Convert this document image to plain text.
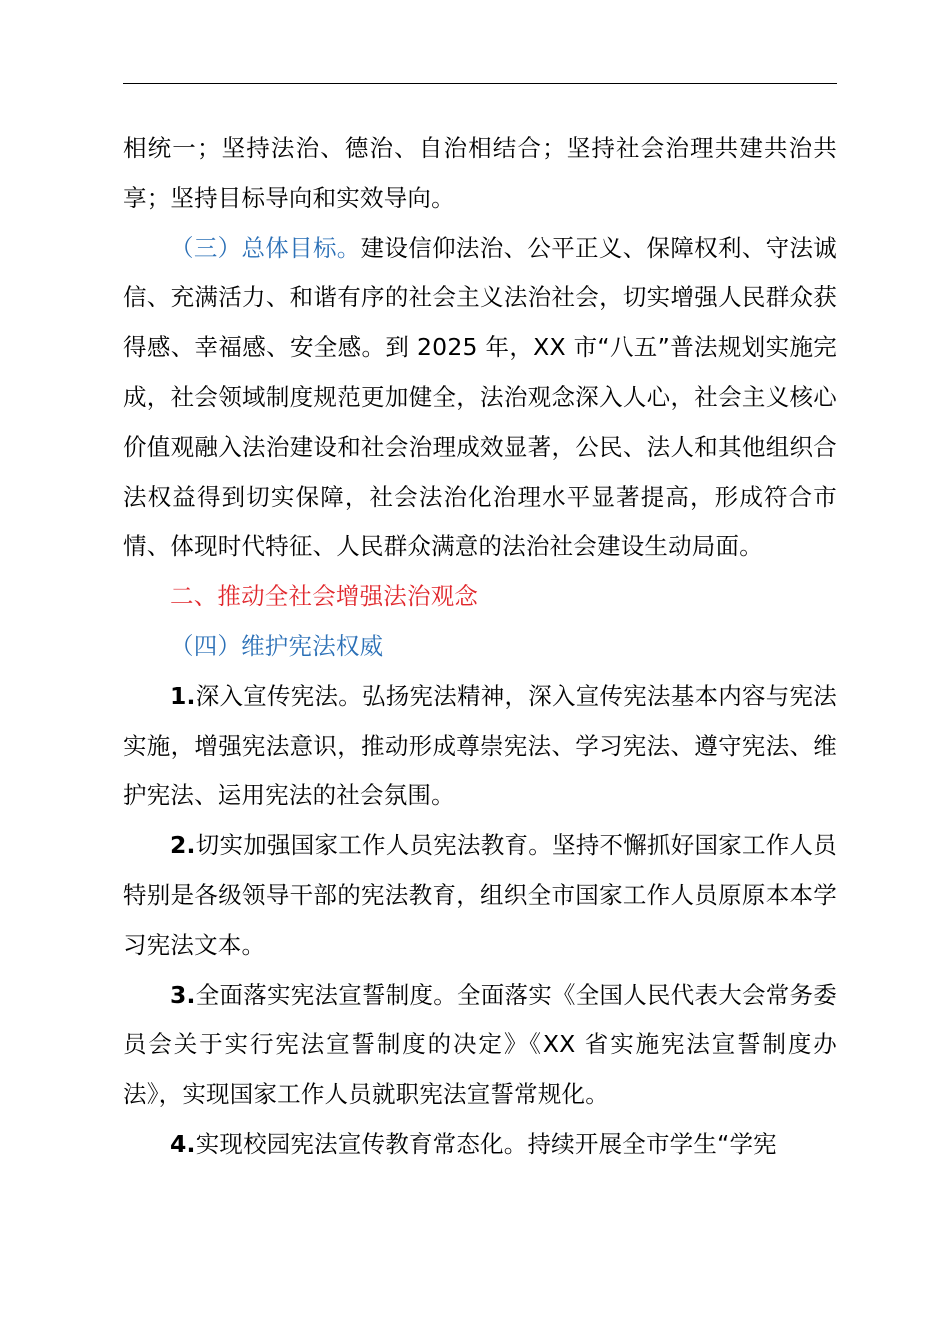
相统一；坚持法治、德治、自治相结合；坚持社会治理共建共治共享；坚持目标导向和实效导向。

（三）总体目标。建设信仰法治、公平正义、保障权利、守法诚信、充满活力、和谐有序的社会主义法治社会，切实增强人民群众获得感、幸福感、安全感。到 2025 年，XX 市“八五”普法规划实施完成，社会领域制度规范更加健全，法治观念深入人心，社会主义核心价值观融入法治建设和社会治理成效显著，公民、法人和其他组织合法权益得到切实保障，社会法治化治理水平显著提高，形成符合市情、体现时代特征、人民群众满意的法治社会建设生动局面。

二、推动全社会增强法治观念

（四）维护宪法权威

1.深入宣传宪法。弘扬宪法精神，深入宣传宪法基本内容与宪法实施，增强宪法意识，推动形成尊崇宪法、学习宪法、遵守宪法、维护宪法、运用宪法的社会氛围。

2.切实加强国家工作人员宪法教育。坚持不懈抓好国家工作人员特别是各级领导干部的宪法教育，组织全市国家工作人员原原本本学习宪法文本。

3.全面落实宪法宣誓制度。全面落实《全国人民代表大会常务委员会关于实行宪法宣誓制度的决定》《XX 省实施宪法宣誓制度办法》，实现国家工作人员就职宪法宣誓常规化。

4.实现校园宪法宣传教育常态化。持续开展全市学生“学宪
